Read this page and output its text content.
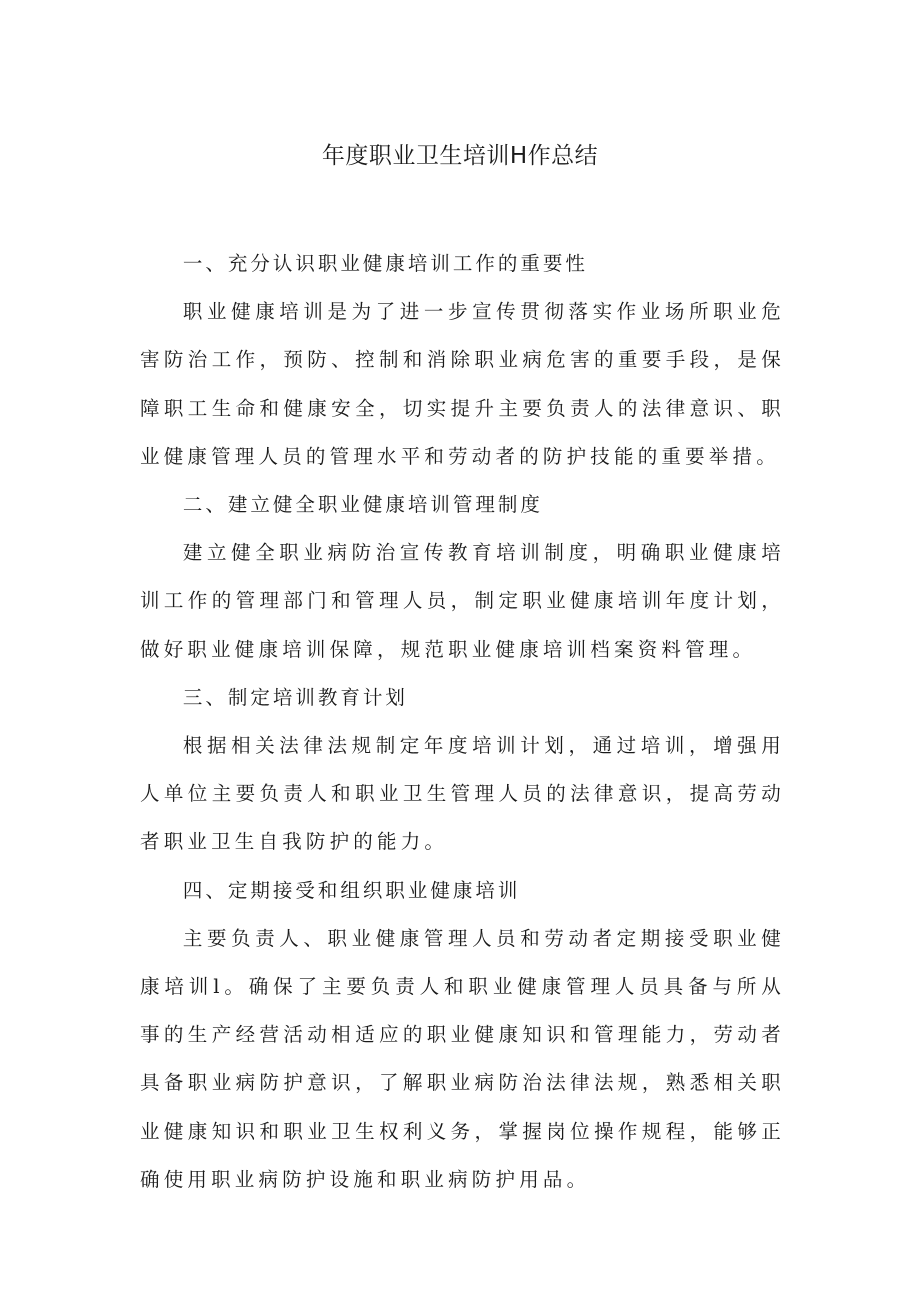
年度职业卫生培训H作总结

一、充分认识职业健康培训工作的重要性

职业健康培训是为了进一步宣传贯彻落实作业场所职业危害防治工作，预防、控制和消除职业病危害的重要手段，是保障职工生命和健康安全，切实提升主要负责人的法律意识、职业健康管理人员的管理水平和劳动者的防护技能的重要举措。

二、建立健全职业健康培训管理制度

建立健全职业病防治宣传教育培训制度，明确职业健康培训工作的管理部门和管理人员，制定职业健康培训年度计划，做好职业健康培训保障，规范职业健康培训档案资料管理。

三、制定培训教育计划

根据相关法律法规制定年度培训计划，通过培训，增强用人单位主要负责人和职业卫生管理人员的法律意识，提高劳动者职业卫生自我防护的能力。

四、定期接受和组织职业健康培训

主要负责人、职业健康管理人员和劳动者定期接受职业健康培训l。确保了主要负责人和职业健康管理人员具备与所从事的生产经营活动相适应的职业健康知识和管理能力，劳动者具备职业病防护意识，了解职业病防治法律法规，熟悉相关职业健康知识和职业卫生权利义务，掌握岗位操作规程，能够正确使用职业病防护设施和职业病防护用品。
